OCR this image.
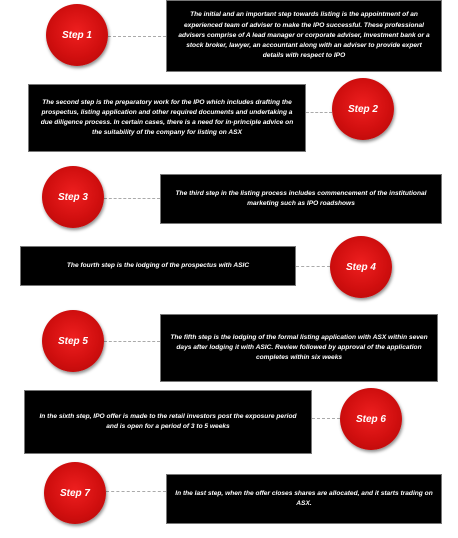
Step 1
The initial and an important step towards listing is the appointment of an experienced team of adviser to make the IPO successful. These professional advisers comprise of A lead manager or corporate adviser, Investment bank or a stock broker, lawyer, an accountant along with an adviser to provide expert details with respect to IPO
The second step is the preparatory work for the IPO which includes drafting the prospectus, listing application and other required documents and undertaking a due diligence process. In certain cases, there is a need for in-principle advice on the suitability of the company for listing on ASX
Step 2
Step 3	The third step in the listing process includes commencement of the institutional marketing such as IPO roadshows
The fourth step is the lodging of the prospectus with ASIC	Step 4
Step 5	The fifth step is the lodging of the formal listing application with ASX within seven days after lodging it with ASIC. Review followed by approval of the application completes within six weeks
In the sixth step, IPO offer is made to the retail investors post the exposure period and is open for a period of 3 to 5 weeks
Step 6
Step 7	In the last step, when the offer closes shares are allocated, and it starts trading on ASX.
